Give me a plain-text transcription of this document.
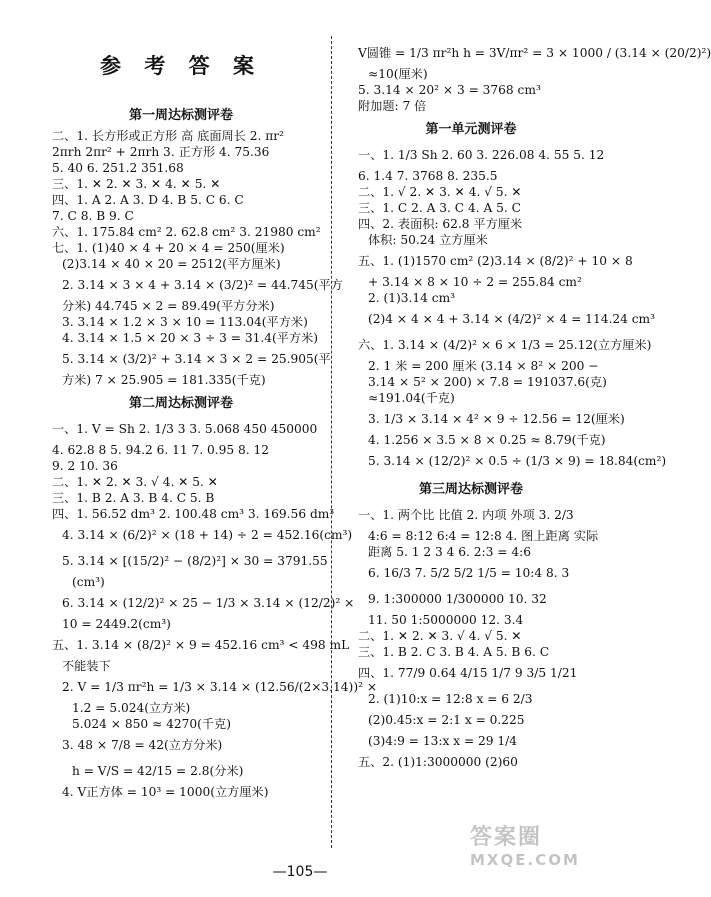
参 考 答 案
第一周达标测评卷
二、1. 长方形或正方形 高 底面周长 2. πr²
2πrh 2πr² + 2πrh 3. 正方形 4. 75.36
5. 40 6. 251.2 351.68
三、1. ✕ 2. ✕ 3. ✕ 4. ✕ 5. ✕
四、1. A 2. A 3. D 4. B 5. C 6. C
7. C 8. B 9. C
六、1. 175.84 cm² 2. 62.8 cm² 3. 21980 cm²
七、1. (1)40 × 4 + 20 × 4 = 250(厘米)
(2)3.14 × 40 × 20 = 2512(平方厘米)
2. 3.14 × 3 × 4 + 3.14 × (3/2)² = 44.745(平方
分米) 44.745 × 2 = 89.49(平方分米)
3. 3.14 × 1.2 × 3 × 10 = 113.04(平方米)
4. 3.14 × 1.5 × 20 × 3 ÷ 3 = 31.4(平方米)
5. 3.14 × (3/2)² + 3.14 × 3 × 2 = 25.905(平
方米) 7 × 25.905 = 181.335(千克)
第二周达标测评卷
一、1. V = Sh 2. 1/3 3 3. 5.068 450 450000
4. 62.8 8 5. 94.2 6. 11 7. 0.95 8. 12
9. 2 10. 36
二、1. ✕ 2. ✕ 3. √ 4. ✕ 5. ✕
三、1. B 2. A 3. B 4. C 5. B
四、1. 56.52 dm³ 2. 100.48 cm³ 3. 169.56 dm³
4. 3.14 × (6/2)² × (18 + 14) ÷ 2 = 452.16(cm³)
5. 3.14 × [(15/2)² − (8/2)²] × 30 = 3791.55
(cm³)
6. 3.14 × (12/2)² × 25 − 1/3 × 3.14 × (12/2)² ×
10 = 2449.2(cm³)
五、1. 3.14 × (8/2)² × 9 = 452.16 cm³ < 498 mL
不能装下
2. V = 1/3 πr²h = 1/3 × 3.14 × (12.56/(2×3.14))² ×
1.2 = 5.024(立方米)
5.024 × 850 ≈ 4270(千克)
3. 48 × 7/8 = 42(立方分米)
h = V/S = 42/15 = 2.8(分米)
4. V正方体 = 10³ = 1000(立方厘米)
V圆锥 = 1/3 πr²h h = 3V/πr² = 3 × 1000 / (3.14 × (20/2)²)
≈10(厘米)
5. 3.14 × 20² × 3 = 3768 cm³
附加题: 7 倍
第一单元测评卷
一、1. 1/3 Sh 2. 60 3. 226.08 4. 55 5. 12
6. 1.4 7. 3768 8. 235.5
二、1. √ 2. ✕ 3. ✕ 4. √ 5. ✕
三、1. C 2. A 3. C 4. A 5. C
四、2. 表面积: 62.8 平方厘米
体积: 50.24 立方厘米
五、1. (1)1570 cm² (2)3.14 × (8/2)² + 10 × 8
+ 3.14 × 8 × 10 ÷ 2 = 255.84 cm²
2. (1)3.14 cm³
(2)4 × 4 × 4 + 3.14 × (4/2)² × 4 = 114.24 cm³
六、1. 3.14 × (4/2)² × 6 × 1/3 = 25.12(立方厘米)
2. 1 米 = 200 厘米 (3.14 × 8² × 200 −
3.14 × 5² × 200) × 7.8 = 191037.6(克)
≈191.04(千克)
3. 1/3 × 3.14 × 4² × 9 ÷ 12.56 = 12(厘米)
4. 1.256 × 3.5 × 8 × 0.25 ≈ 8.79(千克)
5. 3.14 × (12/2)² × 0.5 ÷ (1/3 × 9) = 18.84(cm²)
第三周达标测评卷
一、1. 两个比 比值 2. 内项 外项 3. 2/3
4:6 = 8:12 6:4 = 12:8 4. 图上距离 实际
距离 5. 1 2 3 4 6. 2:3 = 4:6
6. 16/3 7. 5/2 5/2 1/5 = 10:4 8. 3
9. 1:300000 1/300000 10. 32
11. 50 1:5000000 12. 3.4
二、1. ✕ 2. ✕ 3. √ 4. √ 5. ✕
三、1. B 2. C 3. B 4. A 5. B 6. C
四、1. 77/9 0.64 4/15 1/7 9 3/5 1/21
2. (1)10:x = 12:8 x = 6 2/3
(2)0.45:x = 2:1 x = 0.225
(3)4:9 = 13:x x = 29 1/4
五、2. (1)1:3000000 (2)60
—105—
答案圈
MXQE.COM
